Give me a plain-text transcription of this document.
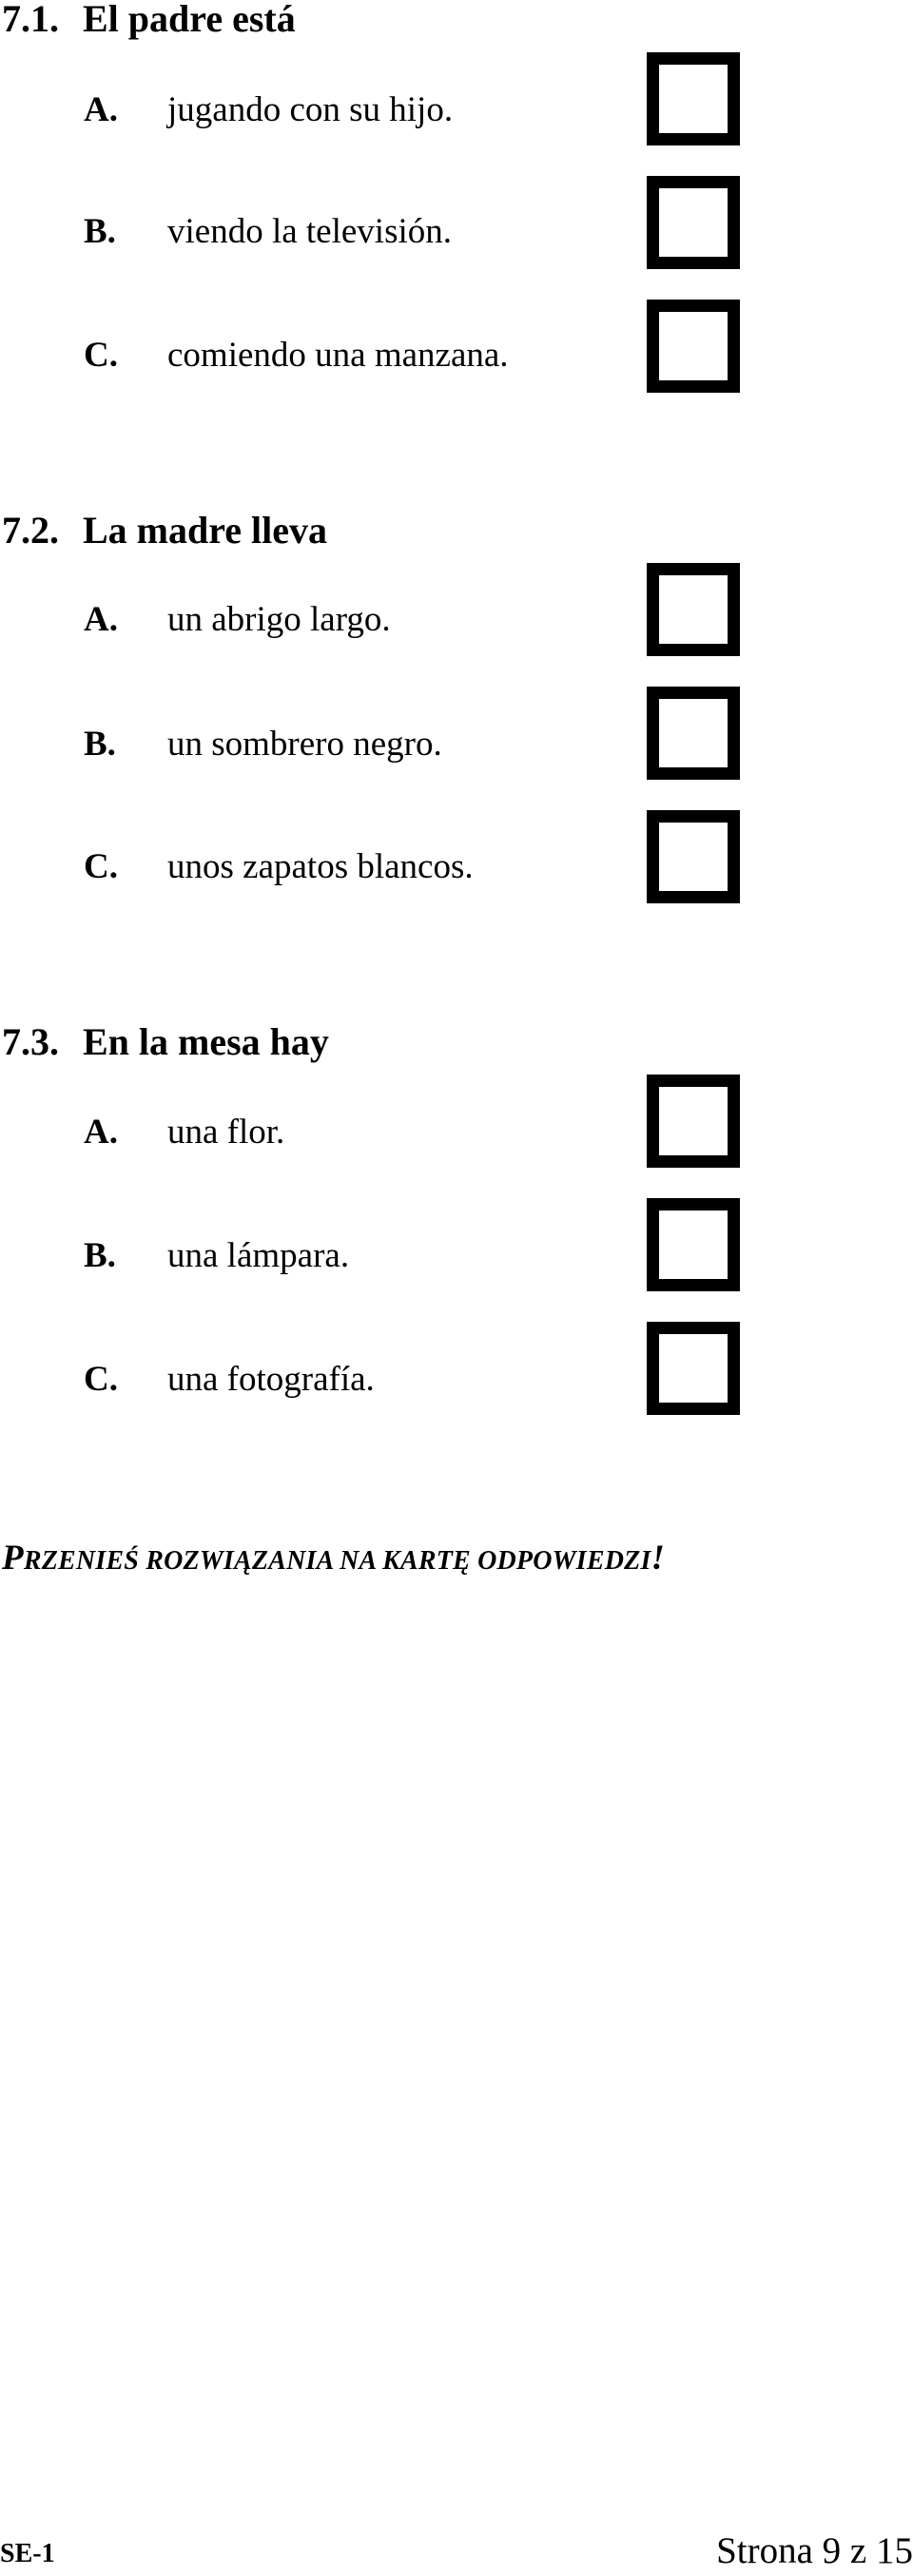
7.1. El padre está
A. jugando con su hijo.
B. viendo la televisión.
C. comiendo una manzana.
7.2. La madre lleva
A. un abrigo largo.
B. un sombrero negro.
C. unos zapatos blancos.
7.3. En la mesa hay
A. una flor.
B. una lámpara.
C. una fotografía.
PRZENIEŚ ROZWIĄZANIA NA KARTĘ ODPOWIEDZI!
SE-1	Strona 9 z 15
